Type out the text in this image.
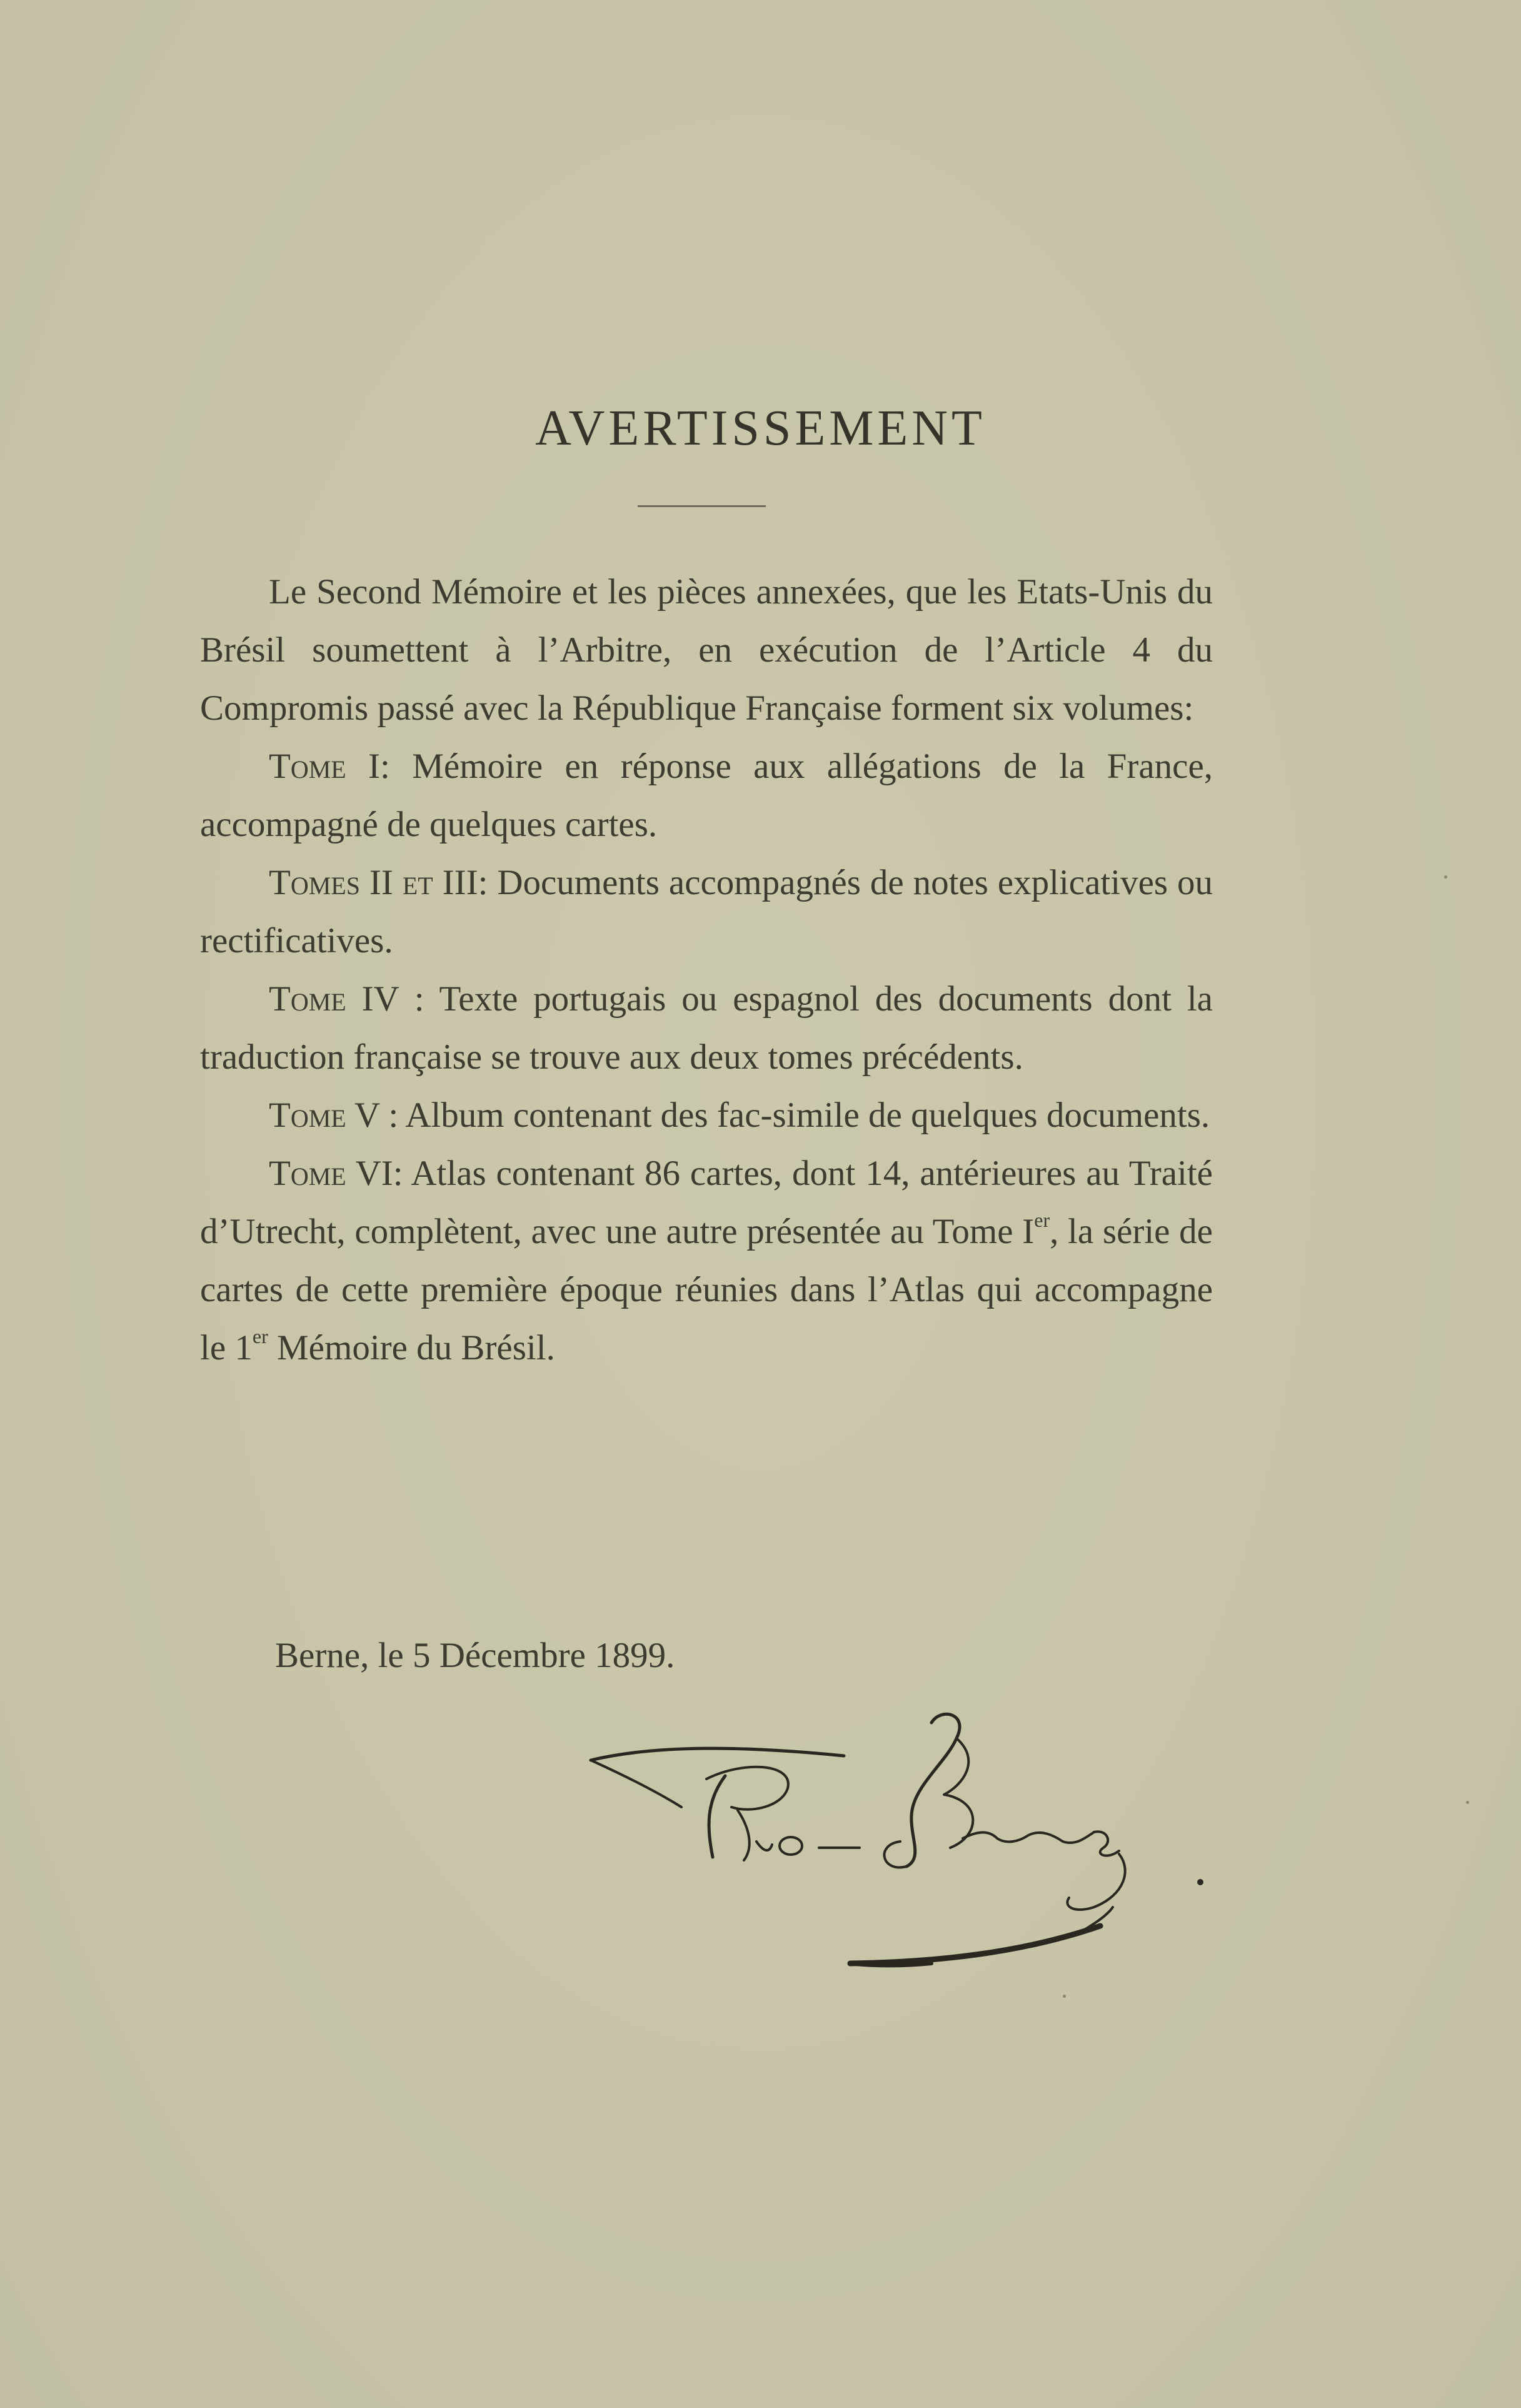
AVERTISSEMENT

Le Second Mémoire et les pièces annexées, que les Etats-Unis du Brésil soumettent à l’Arbitre, en exécution de l’Article 4 du Compromis passé avec la République Française forment six volumes:

Tome I: Mémoire en réponse aux allégations de la France, accompagné de quelques cartes.

Tomes II et III: Documents accompagnés de notes explicatives ou rectificatives.

Tome IV : Texte portugais ou espagnol des documents dont la traduction française se trouve aux deux tomes précédents.

Tome V : Album contenant des fac-simile de quelques documents.

Tome VI: Atlas contenant 86 cartes, dont 14, antérieures au Traité d’Utrecht, complètent, avec une autre présentée au Tome Ier, la série de cartes de cette première époque réunies dans l’Atlas qui accompagne le 1er Mémoire du Brésil.

Berne, le 5 Décembre 1899.
